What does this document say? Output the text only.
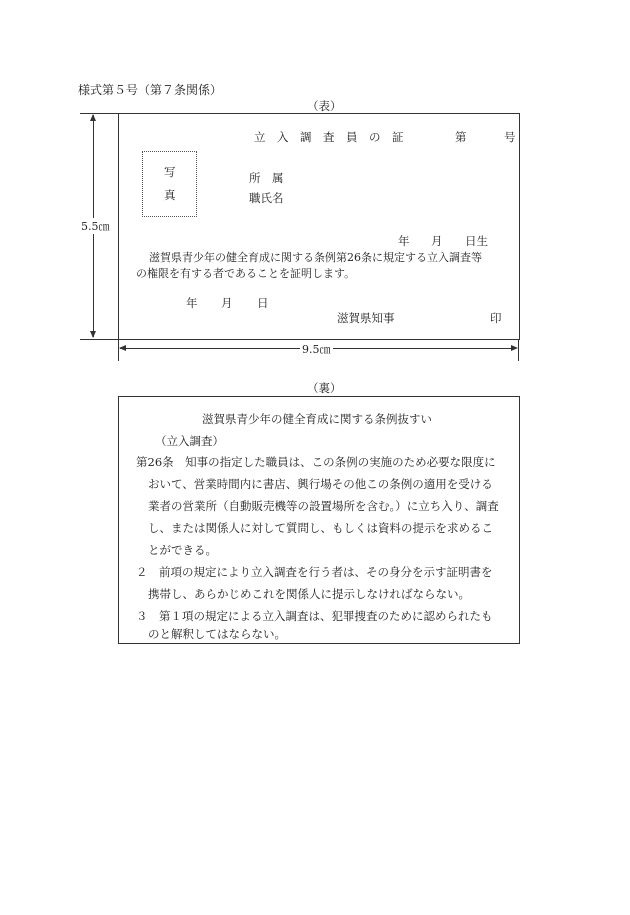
様式第５号（第７条関係）
（表）
5.5㎝
立　入　調　査　員　の　証	第	号
写
真
所　属
職氏名
年 月 日生
滋賀県青少年の健全育成に関する条例第26条に規定する立入調査等
の権限を有する者であることを証明します。
年 月 日
滋賀県知事	印
9.5㎝
（裏）
滋賀県青少年の健全育成に関する条例抜すい
（立入調査）
第26条　知事の指定した職員は、この条例の実施のため必要な限度に
おいて、営業時間内に書店、興行場その他この条例の適用を受ける
業者の営業所（自動販売機等の設置場所を含む。）に立ち入り、調査
し、または関係人に対して質問し、もしくは資料の提示を求めるこ
とができる。
２　前項の規定により立入調査を行う者は、その身分を示す証明書を
携帯し、あらかじめこれを関係人に提示しなければならない。
３　第１項の規定による立入調査は、犯罪捜査のために認められたも
のと解釈してはならない。
